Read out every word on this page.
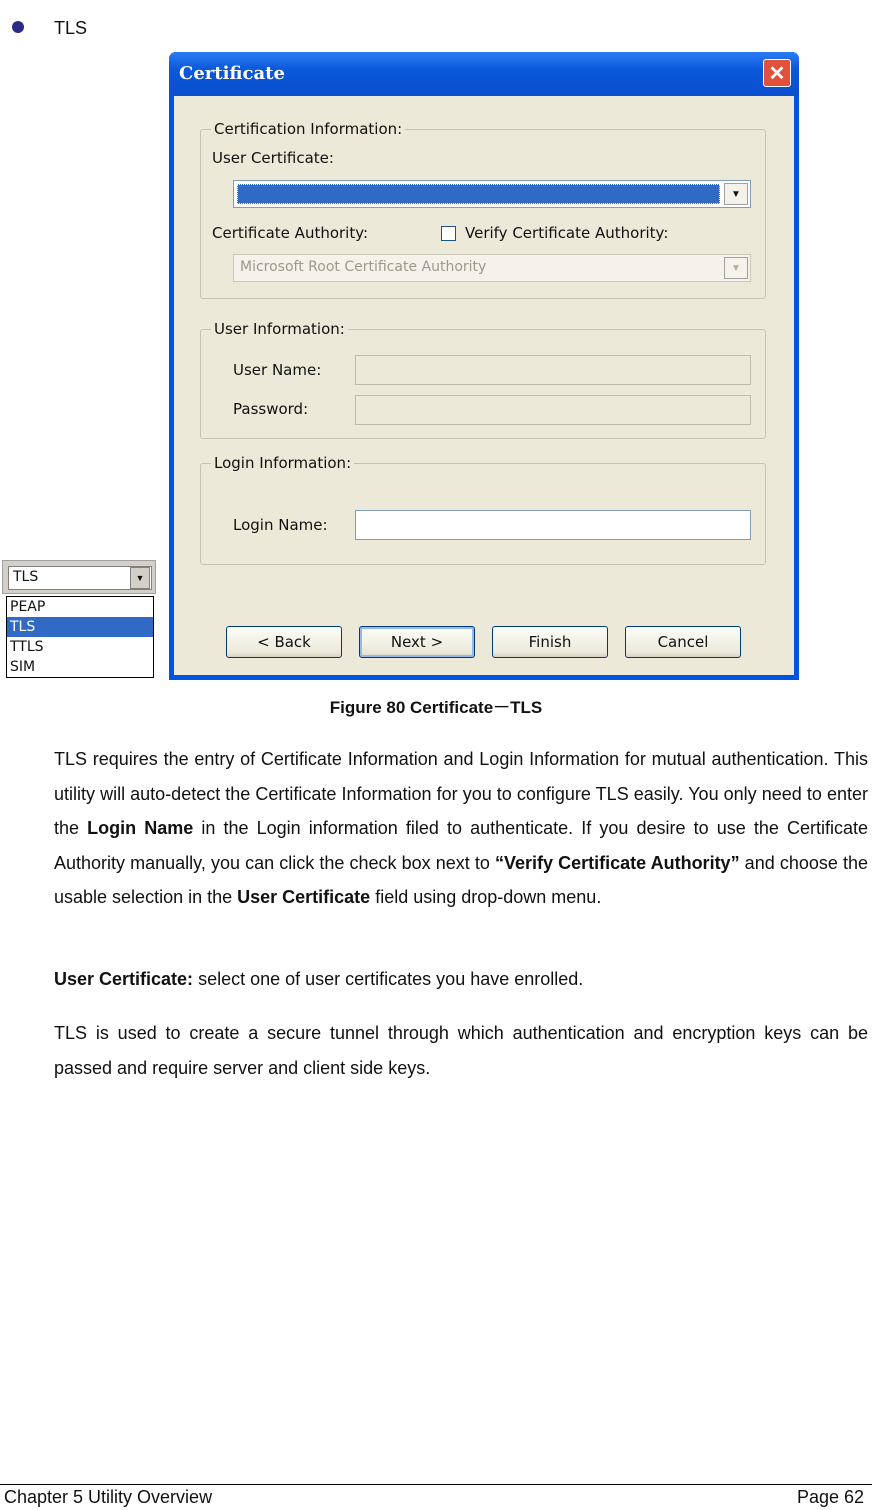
TLS
TLS	▼
PEAP
TLS
TTLS
SIM
Certificate	✕
Certification Information:
User Certificate:
▼
Certificate Authority:	Verify Certificate Authority:
Microsoft Root Certificate Authority	▼
User Information:
User Name:
Password:
Login Information:
Login Name:
< Back	Next >	Finish	Cancel
Figure 80 Certificate－TLS

TLS requires the entry of Certificate Information and Login Information for mutual authentication. This utility will auto-detect the Certificate Information for you to configure TLS easily. You only need to enter the Login Name in the Login information filed to authenticate. If you desire to use the Certificate Authority manually, you can click the check box next to “Verify Certificate Authority” and choose the usable selection in the User Certificate field using drop-down menu.

User Certificate: select one of user certificates you have enrolled.

TLS is used to create a secure tunnel through which authentication and encryption keys can be passed and require server and client side keys.

Chapter 5 Utility Overview	Page 62
